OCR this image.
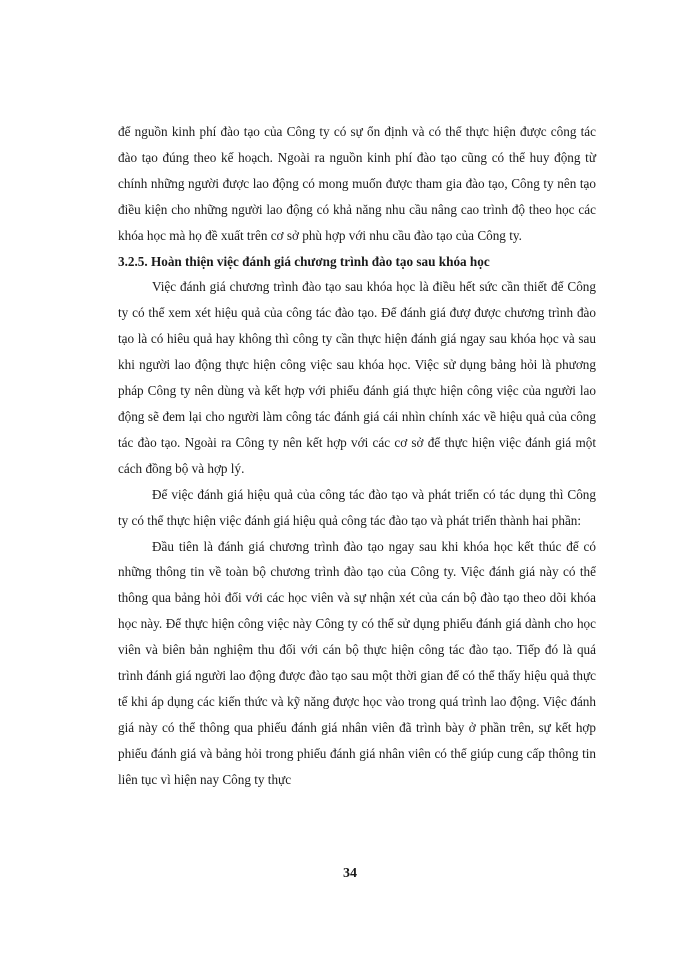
để nguồn kinh phí đào tạo của Công ty có sự ổn định và có thể thực hiện được công tác đào tạo đúng theo kế hoạch. Ngoài ra nguồn kinh phí đào tạo cũng có thể huy động từ chính những người được lao động có mong muốn được tham gia đào tạo, Công ty nên tạo điều kiện cho những người lao động có khả năng nhu cầu nâng cao trình độ theo học các khóa học mà họ đề xuất trên cơ sở phù hợp với nhu cầu đào tạo của Công ty.

3.2.5. Hoàn thiện việc đánh giá chương trình đào tạo sau khóa học

Việc đánh giá chương trình đào tạo sau khóa học là điều hết sức cần thiết để Công ty có thể xem xét hiệu quả của công tác đào tạo. Để đánh giá đượ được chương trình đào tạo là có hiêu quả hay không thì công ty cần thực hiện đánh giá ngay sau khóa học và sau khi người lao động thực hiện công việc sau khóa học. Việc sử dụng bảng hỏi là phương pháp Công ty nên dùng và kết hợp với phiếu đánh giá thực hiện công việc của người lao động sẽ đem lại cho người làm công tác đánh giá cái nhìn chính xác về hiệu quả của công tác đào tạo. Ngoài ra Công ty nên kết hợp với các cơ sở để thực hiện việc đánh giá một cách đồng bộ và hợp lý.

Để việc đánh giá hiệu quả của công tác đào tạo và phát triển có tác dụng thì Công ty có thể thực hiện việc đánh giá hiệu quả công tác đào tạo và phát triển thành hai phần:

Đầu tiên là đánh giá chương trình đào tạo ngay sau khi khóa học kết thúc để có những thông tin về toàn bộ chương trình đào tạo của Công ty. Việc đánh giá này có thể thông qua bảng hỏi đối với các học viên và sự nhận xét của cán bộ đào tạo theo dõi khóa học này. Để thực hiện công việc này Công ty có thể sử dụng phiếu đánh giá dành cho học viên và biên bản nghiệm thu đối với cán bộ thực hiện công tác đào tạo. Tiếp đó là quá trình đánh giá người lao động được đào tạo sau một thời gian để có thể thấy hiệu quả thực tế khi áp dụng các kiến thức và kỹ năng được học vào trong quá trình lao động. Việc đánh giá này có thể thông qua phiếu đánh giá nhân viên đã trình bày ở phần trên, sự kết hợp phiếu đánh giá và bảng hỏi trong phiếu đánh giá nhân viên có thể giúp cung cấp thông tin liên tục vì hiện nay Công ty thực

34
